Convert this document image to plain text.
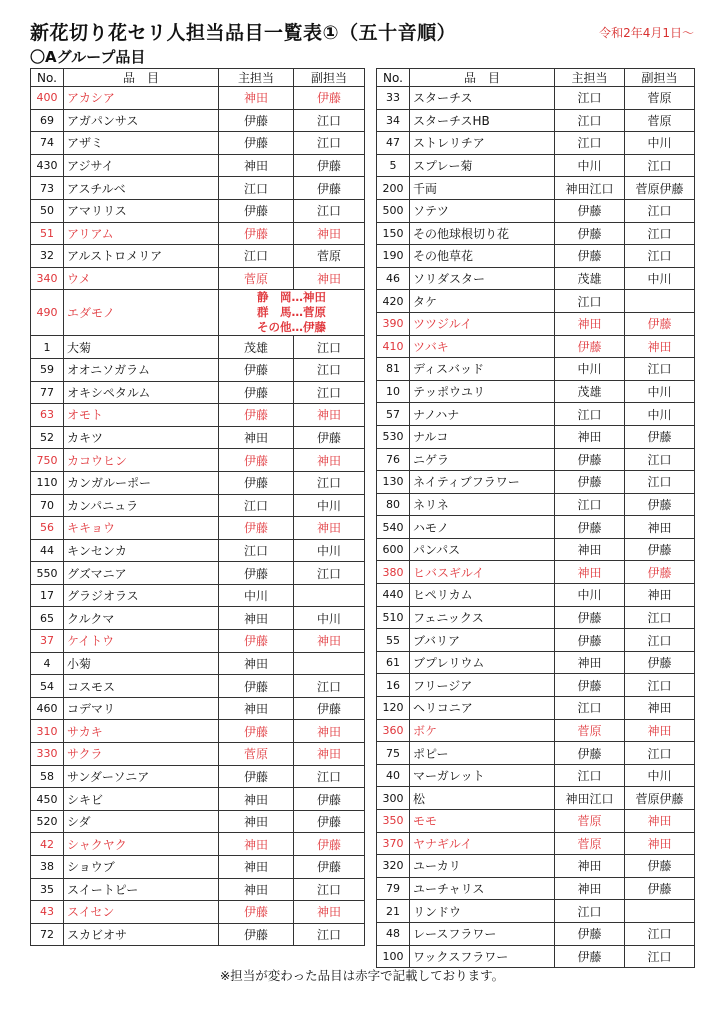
新花切り花セリ人担当品目一覧表①（五十音順）	令和2年4月1日～
〇Aグループ品目
No.	品　目	主担当	副担当
400	アカシア	神田	伊藤
69	アガパンサス	伊藤	江口
74	アザミ	伊藤	江口
430	アジサイ	神田	伊藤
73	アスチルベ	江口	伊藤
50	アマリリス	伊藤	江口
51	アリアム	伊藤	神田
32	アルストロメリア	江口	菅原
340	ウメ	菅原	神田
490	エダモノ	静　岡…神田
群　馬…菅原
その他…伊藤	

1	大菊	茂雄	江口
59	オオニソガラム	伊藤	江口
77	オキシペタルム	伊藤	江口
63	オモト	伊藤	神田
52	カキツ	神田	伊藤
750	カコウヒン	伊藤	神田
110	カンガルーポー	伊藤	江口
70	カンパニュラ	江口	中川
56	キキョウ	伊藤	神田
44	キンセンカ	江口	中川
550	グズマニア	伊藤	江口
17	グラジオラス	中川	
65	クルクマ	神田	中川
37	ケイトウ	伊藤	神田
4	小菊	神田	
54	コスモス	伊藤	江口
460	コデマリ	神田	伊藤
310	サカキ	伊藤	神田
330	サクラ	菅原	神田
58	サンダーソニア	伊藤	江口
450	シキビ	神田	伊藤
520	シダ	神田	伊藤
42	シャクヤク	神田	伊藤
38	ショウブ	神田	伊藤
35	スイートピー	神田	江口
43	スイセン	伊藤	神田
72	スカビオサ	伊藤	江口
No.	品　目	主担当	副担当
33	スターチス	江口	菅原
34	スターチスHB	江口	菅原
47	ストレリチア	江口	中川
5	スプレー菊	中川	江口
200	千両	神田江口	菅原伊藤
500	ソテツ	伊藤	江口
150	その他球根切り花	伊藤	江口
190	その他草花	伊藤	江口
46	ソリダスター	茂雄	中川
420	タケ	江口	
390	ツツジルイ	神田	伊藤
410	ツバキ	伊藤	神田
81	ディスバッド	中川	江口
10	テッポウユリ	茂雄	中川
57	ナノハナ	江口	中川
530	ナルコ	神田	伊藤
76	ニゲラ	伊藤	江口
130	ネイティブフラワー	伊藤	江口
80	ネリネ	江口	伊藤
540	ハモノ	伊藤	神田
600	パンパス	神田	伊藤
380	ヒバスギルイ	神田	伊藤
440	ヒペリカム	中川	神田
510	フェニックス	伊藤	江口
55	ブバリア	伊藤	江口
61	ブプレリウム	神田	伊藤
16	フリージア	伊藤	江口
120	ヘリコニア	江口	神田
360	ボケ	菅原	神田
75	ポピー	伊藤	江口
40	マーガレット	江口	中川
300	松	神田江口	菅原伊藤
350	モモ	菅原	神田
370	ヤナギルイ	菅原	神田
320	ユーカリ	神田	伊藤
79	ユーチャリス	神田	伊藤
21	リンドウ	江口	
48	レースフラワー	伊藤	江口
100	ワックスフラワー	伊藤	江口
※担当が変わった品目は赤字で記載しております。
